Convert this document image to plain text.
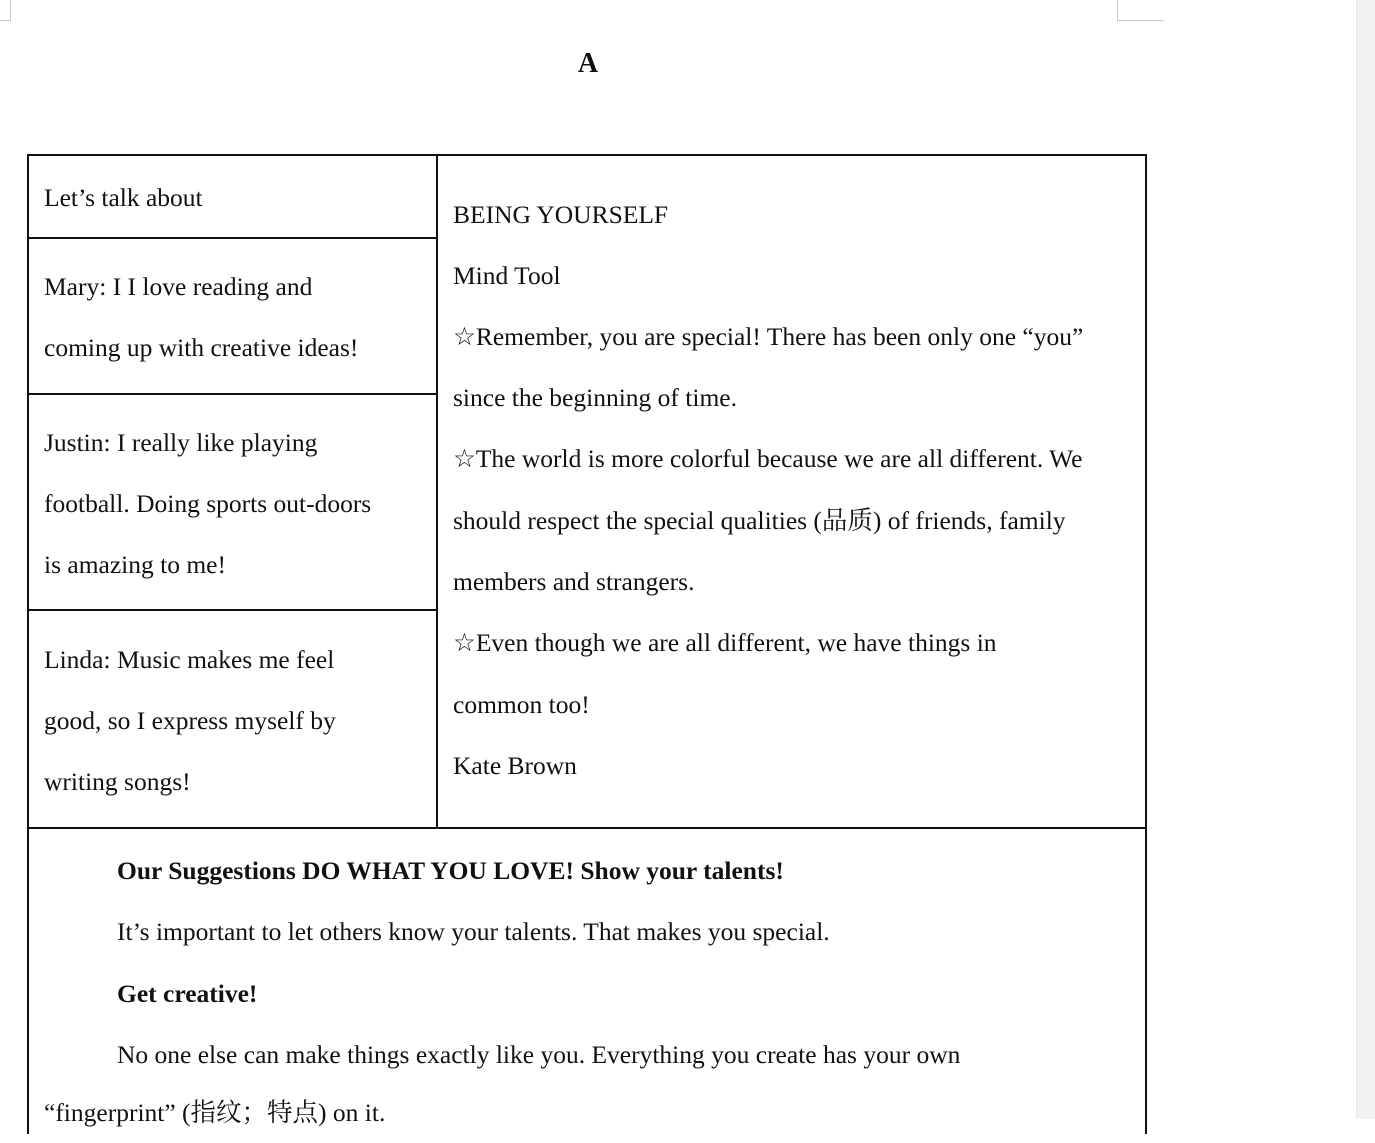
A
Let’s talk about
Mary: I I love reading and
coming up with creative ideas!
Justin: I really like playing
football. Doing sports out-doors
is amazing to me!
Linda: Music makes me feel
good, so I express myself by
writing songs!
BEING YOURSELF
Mind Tool
☆Remember, you are special! There has been only one “you”
since the beginning of time.
☆The world is more colorful because we are all different. We
should respect the special qualities (品质) of friends, family
members and strangers.
☆Even though we are all different, we have things in
common too!
Kate Brown
Our Suggestions DO WHAT YOU LOVE! Show your talents!
It’s important to let others know your talents. That makes you special.
Get creative!
No one else can make things exactly like you. Everything you create has your own
“fingerprint” (指纹；特点) on it.
